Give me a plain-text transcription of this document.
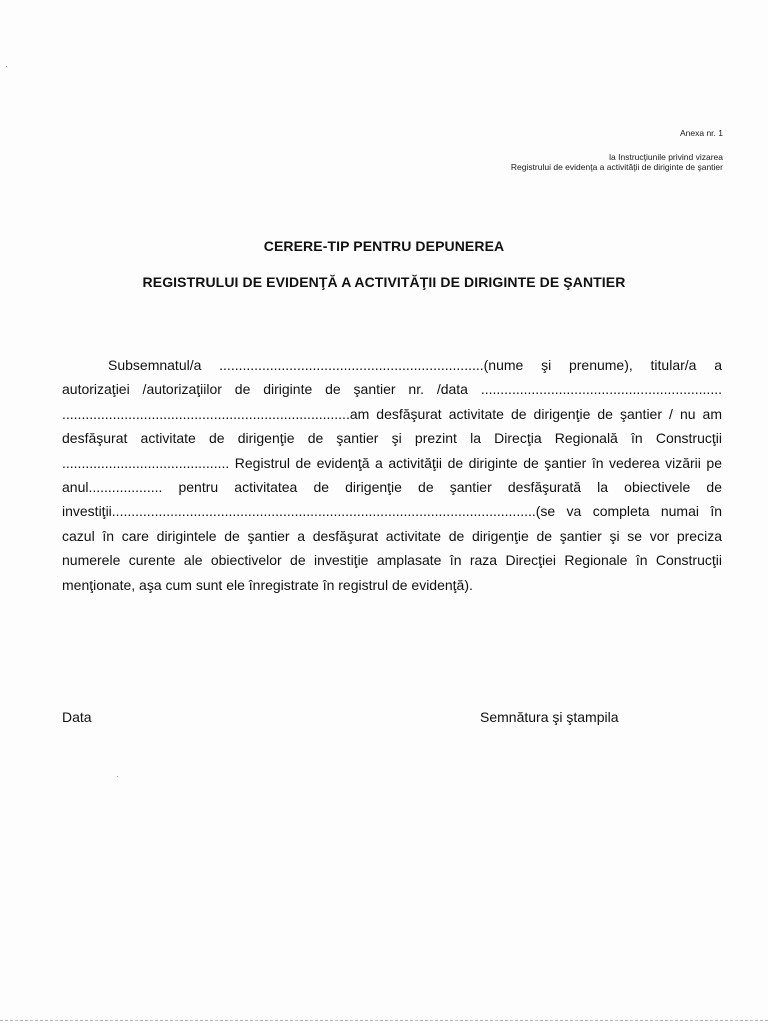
Anexa nr. 1
la Instrucţiunile privind vizarea
Registrului de evidenţa a activităţii de diriginte de şantier
CERERE-TIP PENTRU DEPUNEREA
REGISTRULUI DE EVIDENŢĂ A ACTIVITĂŢII DE DIRIGINTE DE ŞANTIER

Subsemnatul/a ....................................................................(nume şi prenume), titular/a a autorizaţiei /autorizaţiilor de diriginte de şantier nr. /data .............................................................. ..........................................................................am desfăşurat activitate de dirigenţie de şantier / nu am desfăşurat activitate de dirigenţie de şantier şi prezint la Direcţia Regională în Construcţii ........................................... Registrul de evidenţă a activităţii de diriginte de şantier în vederea vizării pe anul................... pentru activitatea de dirigenţie de şantier desfăşurată la obiectivele de investiţii.............................................................................................................(se va completa numai în cazul în care dirigintele de şantier a desfăşurat activitate de dirigenţie de şantier şi se vor preciza numerele curente ale obiectivelor de investiţie amplasate în raza Direcţiei Regionale în Construcţii menţionate, aşa cum sunt ele înregistrate în registrul de evidenţă).

Data	Semnătura şi ştampila
